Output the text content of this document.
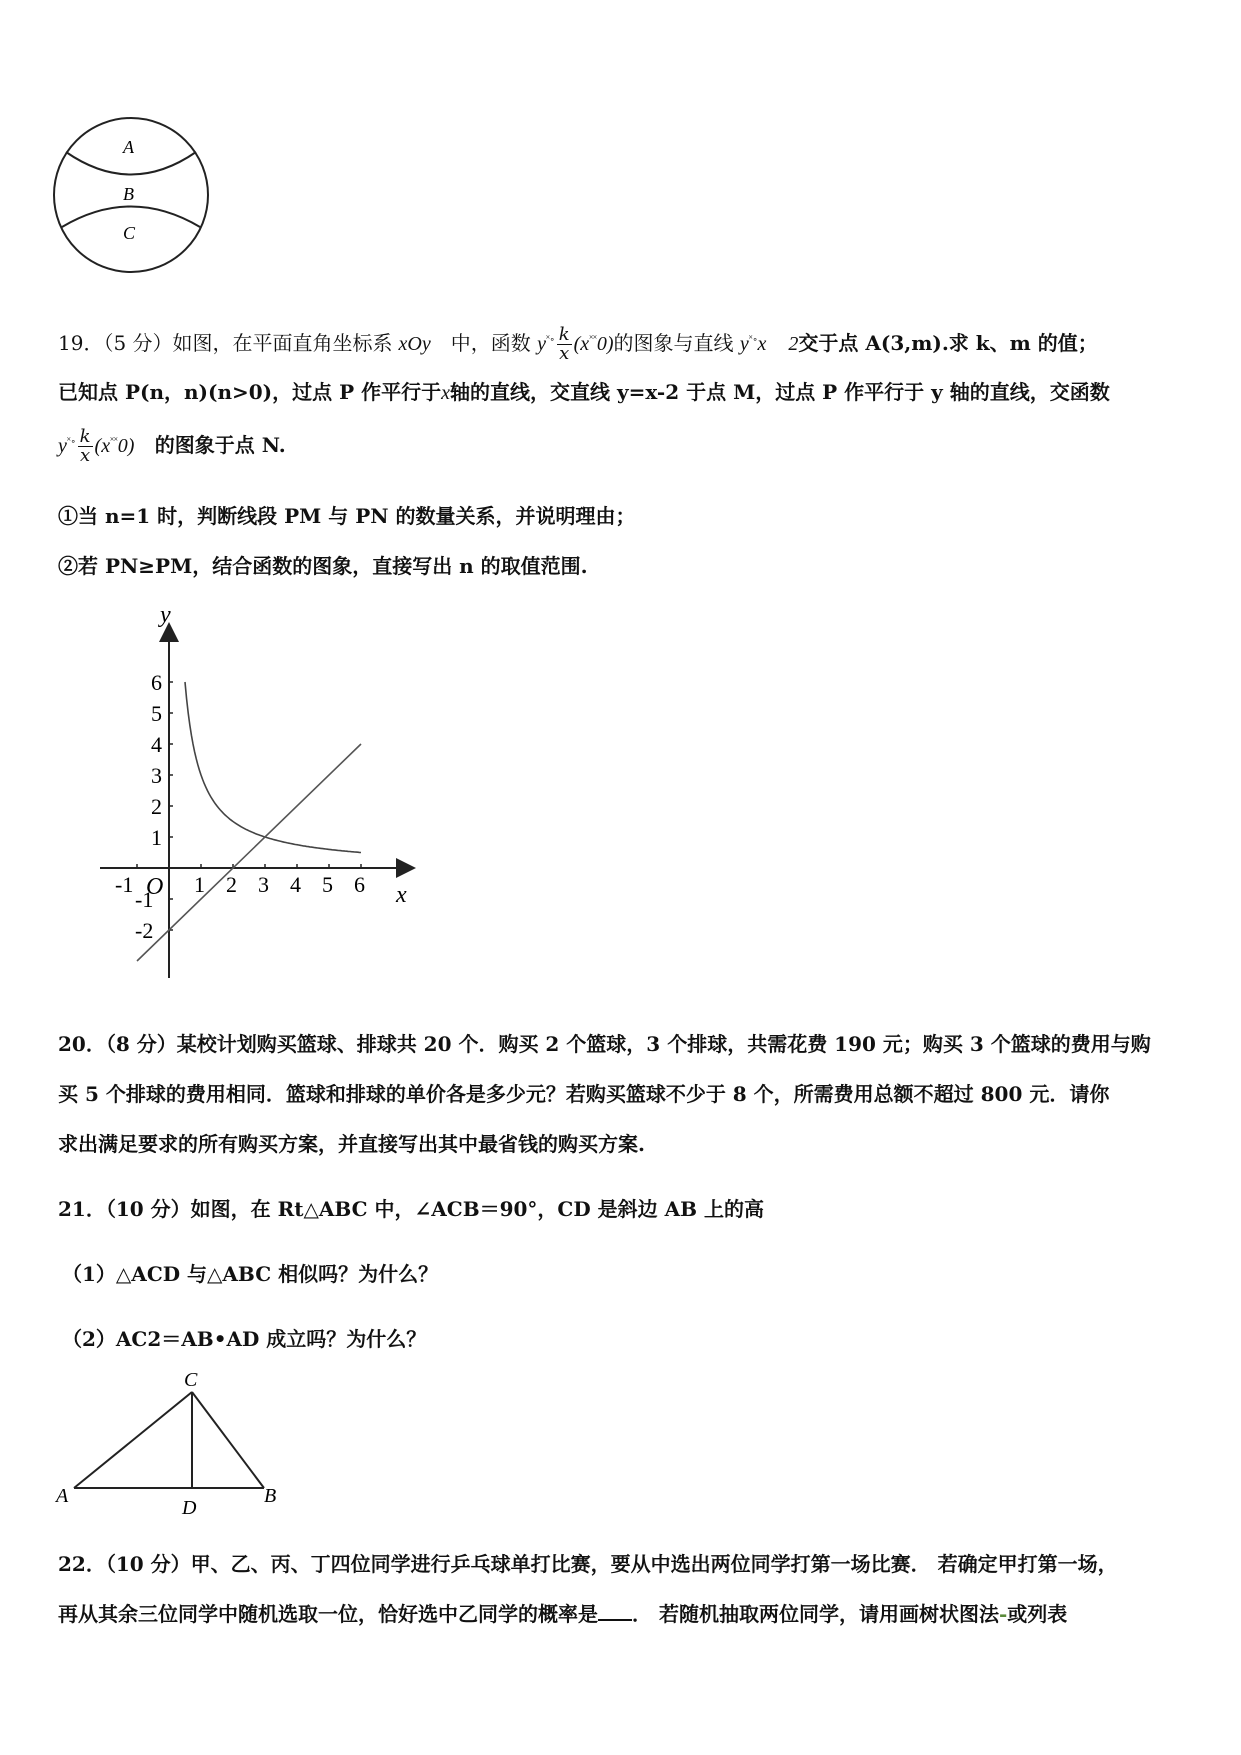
A
B
C
19．（5 分）如图，在平面直角坐标系 xOy 中，函数 $y^{˟\circ} \frac{k}{x} (x^{˟˟}0)$的图象与直线 y˟∘x 2交于点 A(3,m).求 k、m 的值；
已知点 P(n，n)(n>0)，过点 P 作平行于x轴的直线，交直线 y=x-2 于点 M，过点 P 作平行于 y 轴的直线，交函数
$y^{˟\circ} \frac{k}{x} (x^{˟˟}0)$ 的图象于点 N.
①当 n=1 时，判断线段 PM 与 PN 的数量关系，并说明理由；
②若 PN≥PM，结合函数的图象，直接写出 n 的取值范围.
y
x
O
-1	1 2 3 4 5 6
6
5
4
3
2
1
-1
-2
20．（8 分）某校计划购买篮球、排球共 20 个．购买 2 个篮球，3 个排球，共需花费 190 元；购买 3 个篮球的费用与购
买 5 个排球的费用相同．篮球和排球的单价各是多少元？若购买篮球不少于 8 个，所需费用总额不超过 800 元．请你
求出满足要求的所有购买方案，并直接写出其中最省钱的购买方案.
21．（10 分）如图，在 Rt△ABC 中，∠ACB＝90°，CD 是斜边 AB 上的高
（1）△ACD 与△ABC 相似吗？为什么？
（2）AC2＝AB•AD 成立吗？为什么？
C
A	B
D
22．（10 分）甲、乙、丙、丁四位同学进行乒乓球单打比赛，要从中选出两位同学打第一场比赛． 若确定甲打第一场，
再从其余三位同学中随机选取一位，恰好选中乙同学的概率是 ． 若随机抽取两位同学，请用画树状图法-或列表
